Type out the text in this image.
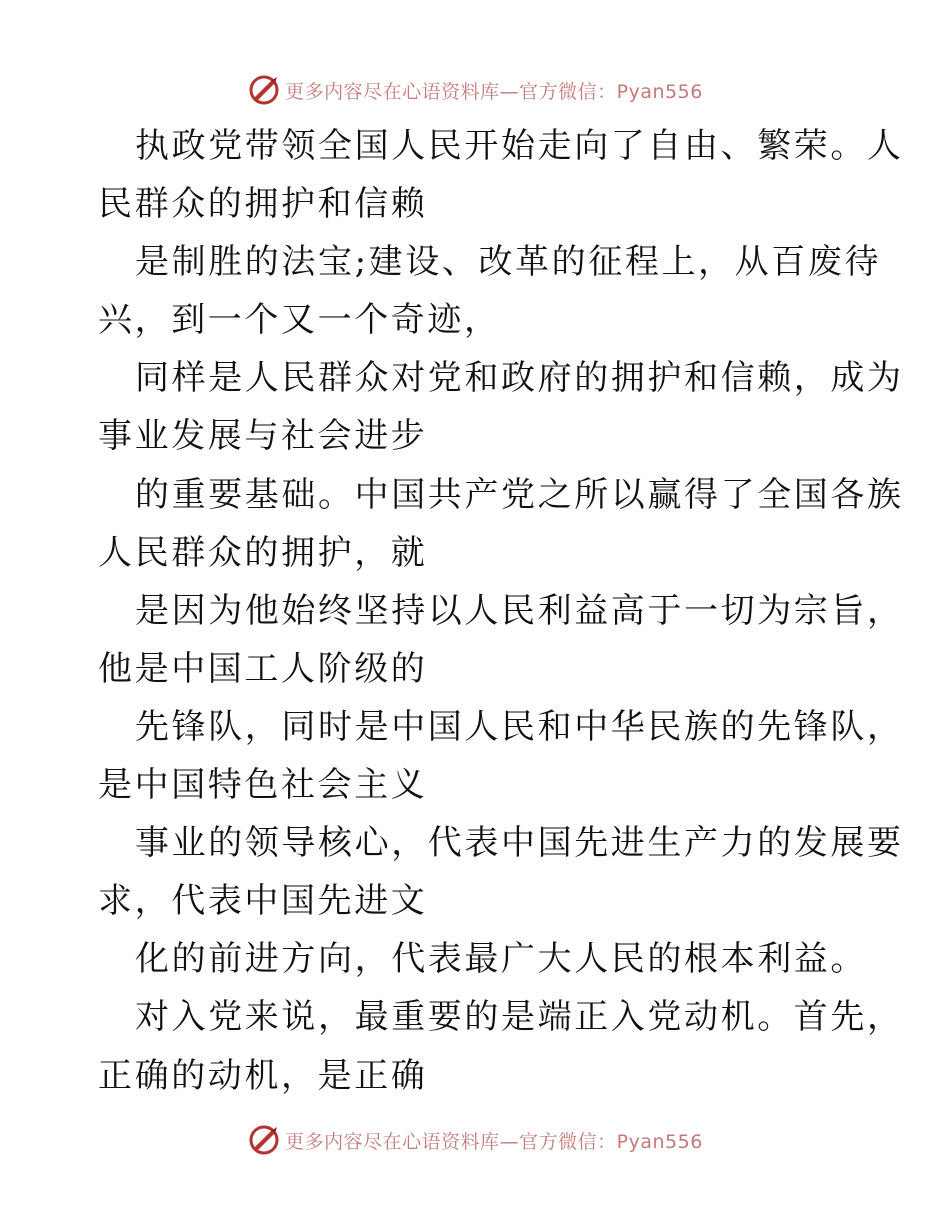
更多内容尽在心语资料库—官方微信：Pyan556
执政党带领全国人民开始走向了自由、繁荣。人
民群众的拥护和信赖
是制胜的法宝;建设、改革的征程上，从百废待
兴，到一个又一个奇迹，
同样是人民群众对党和政府的拥护和信赖，成为
事业发展与社会进步
的重要基础。中国共产党之所以赢得了全国各族
人民群众的拥护，就
是因为他始终坚持以人民利益高于一切为宗旨，
他是中国工人阶级的
先锋队，同时是中国人民和中华民族的先锋队，
是中国特色社会主义
事业的领导核心，代表中国先进生产力的发展要
求，代表中国先进文
化的前进方向，代表最广大人民的根本利益。
对入党来说，最重要的是端正入党动机。首先，
正确的动机，是正确
更多内容尽在心语资料库—官方微信：Pyan556
